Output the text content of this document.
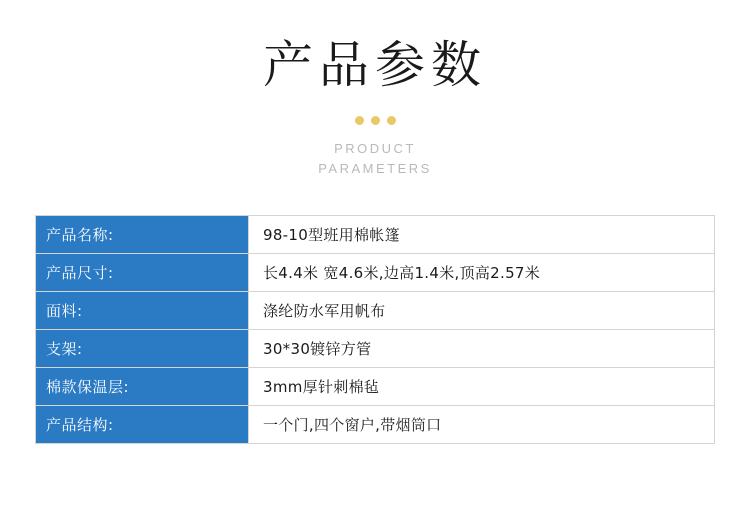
产品参数
PRODUCT
PARAMETERS
产品名称:	98-10型班用棉帐篷
产品尺寸:	长4.4米 宽4.6米,边高1.4米,顶高2.57米
面料:	涤纶防水军用帆布
支架:	30*30镀锌方管
棉款保温层:	3mm厚针刺棉毡
产品结构:	一个门,四个窗户,带烟筒口
